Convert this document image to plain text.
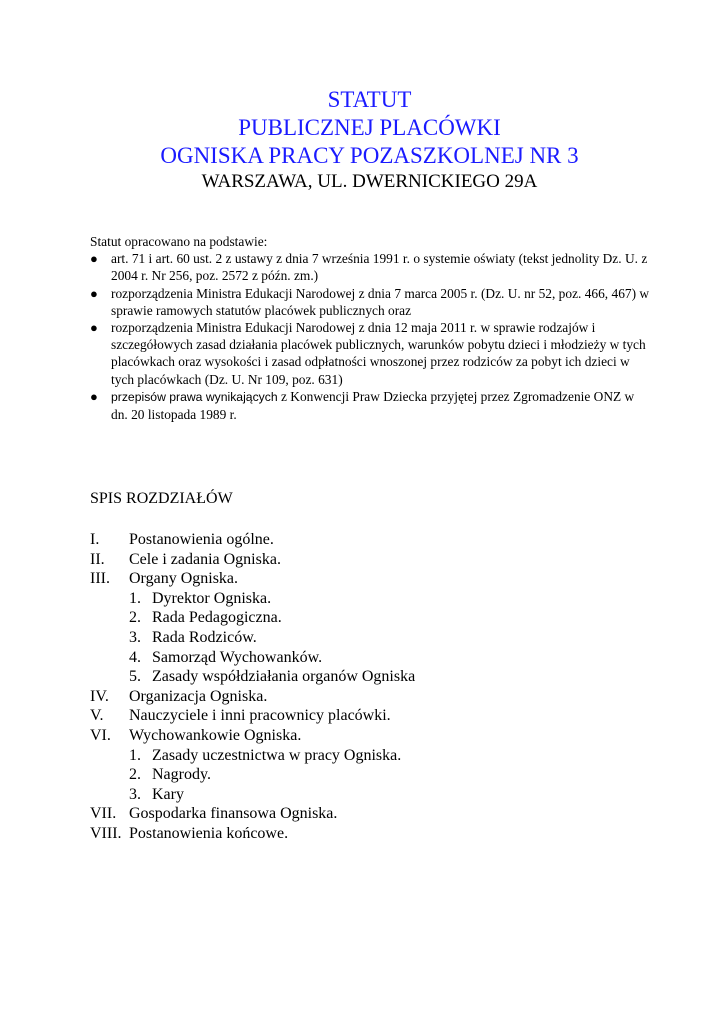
STATUT
PUBLICZNEJ PLACÓWKI
OGNISKA PRACY POZASZKOLNEJ NR 3
WARSZAWA, UL. DWERNICKIEGO 29A

Statut opracowano na podstawie:

● art. 71 i art. 60 ust. 2 z ustawy z dnia 7 września 1991 r. o systemie oświaty (tekst jednolity Dz. U. z 2004 r. Nr 256, poz. 2572 z późn. zm.)
● rozporządzenia Ministra Edukacji Narodowej z dnia 7 marca 2005 r. (Dz. U. nr 52, poz. 466, 467) w sprawie ramowych statutów placówek publicznych oraz
● rozporządzenia Ministra Edukacji Narodowej z dnia 12 maja 2011 r. w sprawie rodzajów i szczegółowych zasad działania placówek publicznych, warunków pobytu dzieci i młodzieży w tych placówkach oraz wysokości i zasad odpłatności wnoszonej przez rodziców za pobyt ich dzieci w tych placówkach (Dz. U. Nr 109, poz. 631)
● przepisów prawa wynikających z Konwencji Praw Dziecka przyjętej przez Zgromadzenie ONZ w dn. 20 listopada 1989 r.
SPIS ROZDZIAŁÓW
I. Postanowienia ogólne.
II. Cele i zadania Ogniska.
III. Organy Ogniska.
1. Dyrektor Ogniska.
2. Rada Pedagogiczna.
3. Rada Rodziców.
4. Samorząd Wychowanków.
5. Zasady współdziałania organów Ogniska
IV. Organizacja Ogniska.
V. Nauczyciele i inni pracownicy placówki.
VI. Wychowankowie Ogniska.
1. Zasady uczestnictwa w pracy Ogniska.
2. Nagrody.
3. Kary
VII. Gospodarka finansowa Ogniska.
VIII. Postanowienia końcowe.
